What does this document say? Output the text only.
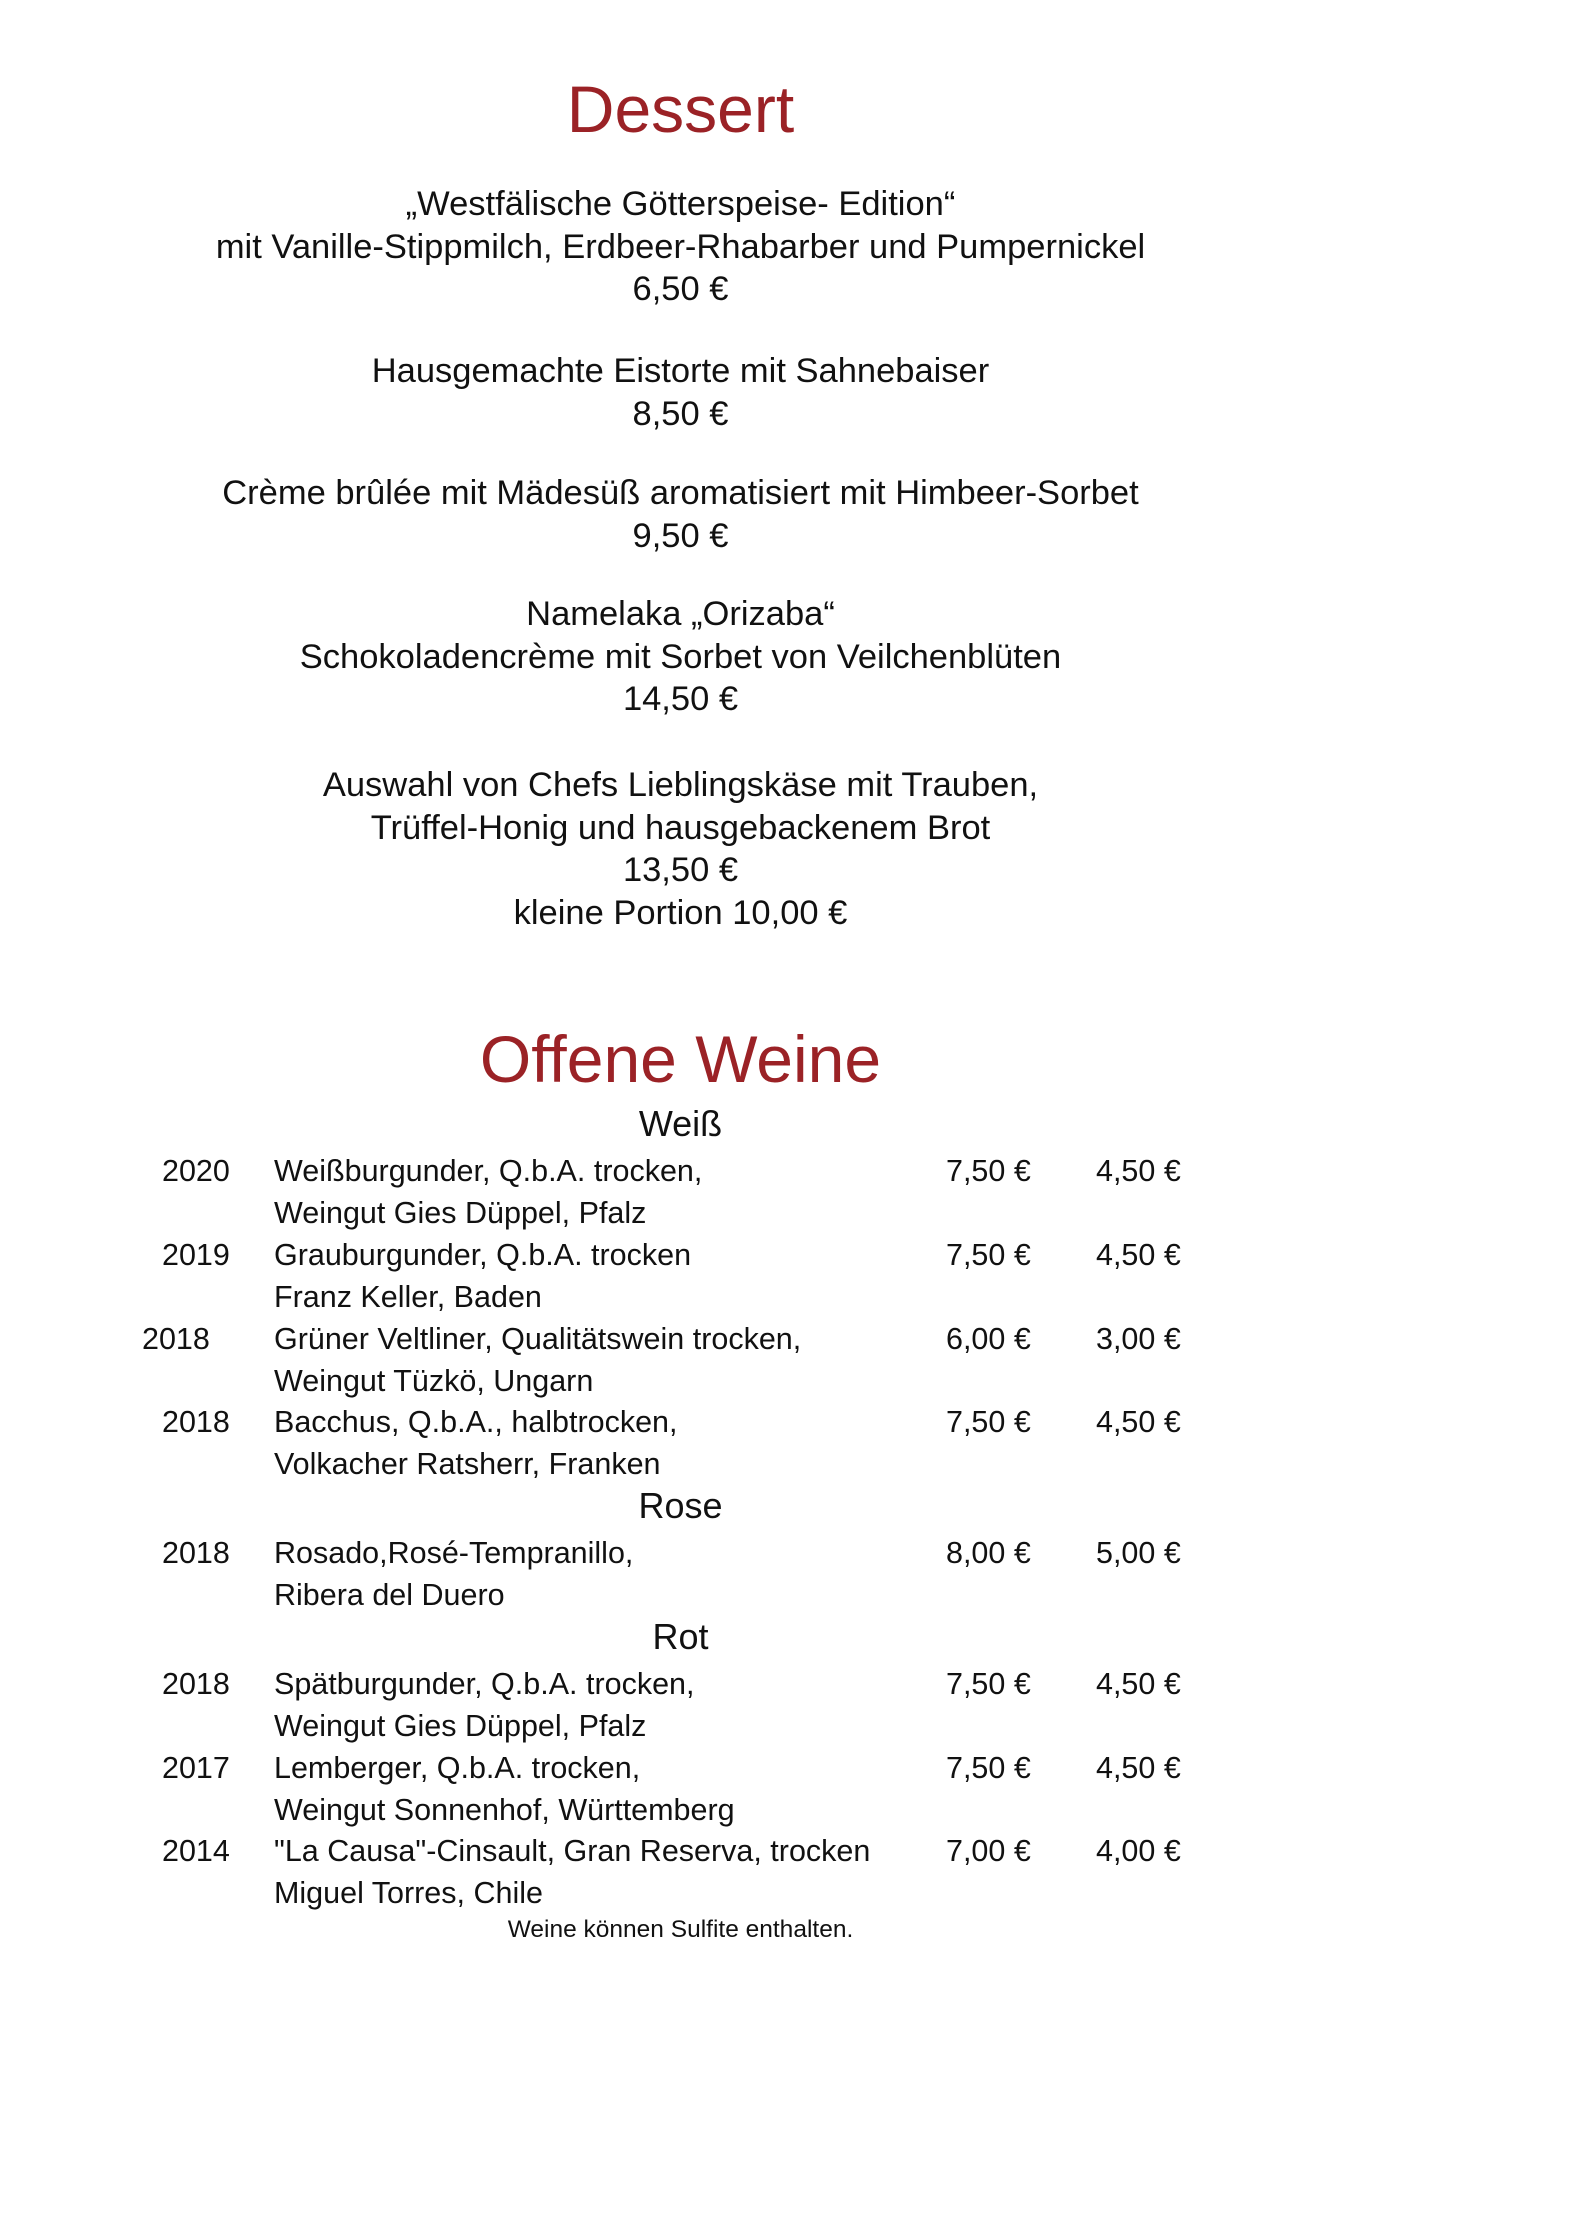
Dessert
„Westfälische Götterspeise- Edition“
mit Vanille-Stippmilch, Erdbeer-Rhabarber und Pumpernickel
6,50 €
Hausgemachte Eistorte mit Sahnebaiser
8,50 €
Crème brûlée mit Mädesüß aromatisiert mit Himbeer-Sorbet
9,50 €
Namelaka „Orizaba“
Schokoladencrème mit Sorbet von Veilchenblüten
14,50 €
Auswahl von Chefs Lieblingskäse mit Trauben,
Trüffel-Honig und hausgebackenem Brot
13,50 €
kleine Portion 10,00 €
Offene Weine
Weiß
2020 Weißburgunder, Q.b.A. trocken,
Weingut Gies Düppel, Pfalz
7,50 € 4,50 €
2019 Grauburgunder, Q.b.A. trocken
Franz Keller, Baden
7,50 € 4,50 €
2018 Grüner Veltliner, Qualitätswein trocken,
Weingut Tüzkö, Ungarn
6,00 € 3,00 €
2018 Bacchus, Q.b.A., halbtrocken,
Volkacher Ratsherr, Franken
7,50 € 4,50 €
Rose
2018 Rosado,Rosé-Tempranillo,
Ribera del Duero
8,00 € 5,00 €
Rot
2018 Spätburgunder, Q.b.A. trocken,
Weingut Gies Düppel, Pfalz
7,50 € 4,50 €
2017 Lemberger, Q.b.A. trocken,
Weingut Sonnenhof, Württemberg
7,50 € 4,50 €
2014 "La Causa"-Cinsault, Gran Reserva, trocken
Miguel Torres, Chile
7,00 € 4,00 €
Weine können Sulfite enthalten.
